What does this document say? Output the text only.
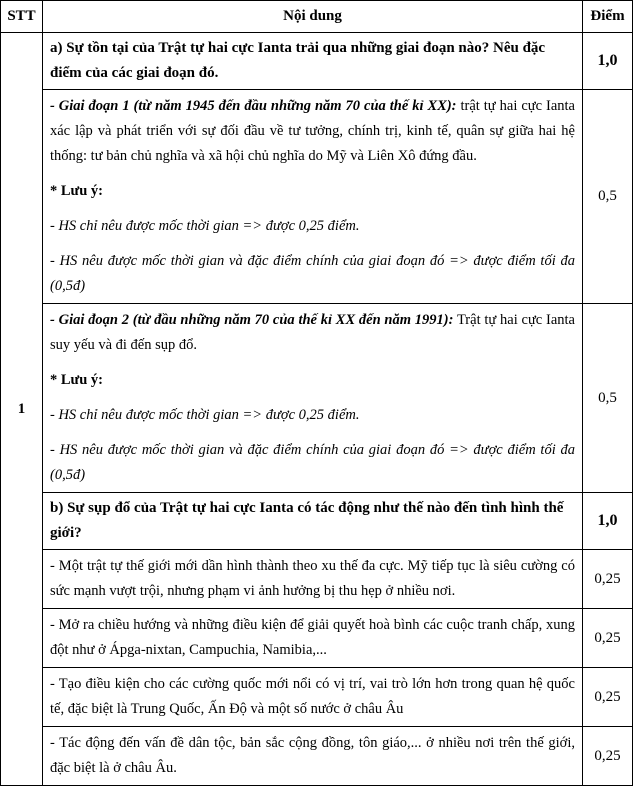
STT	Nội dung	Điểm
1	a) Sự tồn tại của Trật tự hai cực Ianta trải qua những giai đoạn nào? Nêu đặc điểm của các giai đoạn đó.	1,0

	- Giai đoạn 1 (từ năm 1945 đến đầu những năm 70 của thế kỉ XX): trật tự hai cực Ianta xác lập và phát triển với sự đối đầu về tư tưởng, chính trị, kinh tế, quân sự giữa hai hệ thống: tư bản chủ nghĩa và xã hội chủ nghĩa do Mỹ và Liên Xô đứng đầu.

* Lưu ý:

- HS chỉ nêu được mốc thời gian => được 0,25 điểm.

- HS nêu được mốc thời gian và đặc điểm chính của giai đoạn đó => được điểm tối đa (0,5đ)	0,5

	- Giai đoạn 2 (từ đầu những năm 70 của thế kỉ XX đến năm 1991): Trật tự hai cực Ianta suy yếu và đi đến sụp đổ.

* Lưu ý:

- HS chỉ nêu được mốc thời gian => được 0,25 điểm.

- HS nêu được mốc thời gian và đặc điểm chính của giai đoạn đó => được điểm tối đa (0,5đ)	0,5
	b) Sự sụp đổ của Trật tự hai cực Ianta có tác động như thế nào đến tình hình thế giới?	1,0
	- Một trật tự thế giới mới dần hình thành theo xu thế đa cực. Mỹ tiếp tục là siêu cường có sức mạnh vượt trội, nhưng phạm vi ảnh hưởng bị thu hẹp ở nhiều nơi.	0,25
	- Mở ra chiều hướng và những điều kiện để giải quyết hoà bình các cuộc tranh chấp, xung đột như ở Ápga-nixtan, Campuchia, Namibia,...	0,25
	- Tạo điều kiện cho các cường quốc mới nổi có vị trí, vai trò lớn hơn trong quan hệ quốc tế, đặc biệt là Trung Quốc, Ấn Độ và một số nước ở châu Âu	0,25
	- Tác động đến vấn đề dân tộc, bản sắc cộng đồng, tôn giáo,... ở nhiều nơi trên thế giới, đặc biệt là ở châu Âu.	0,25
